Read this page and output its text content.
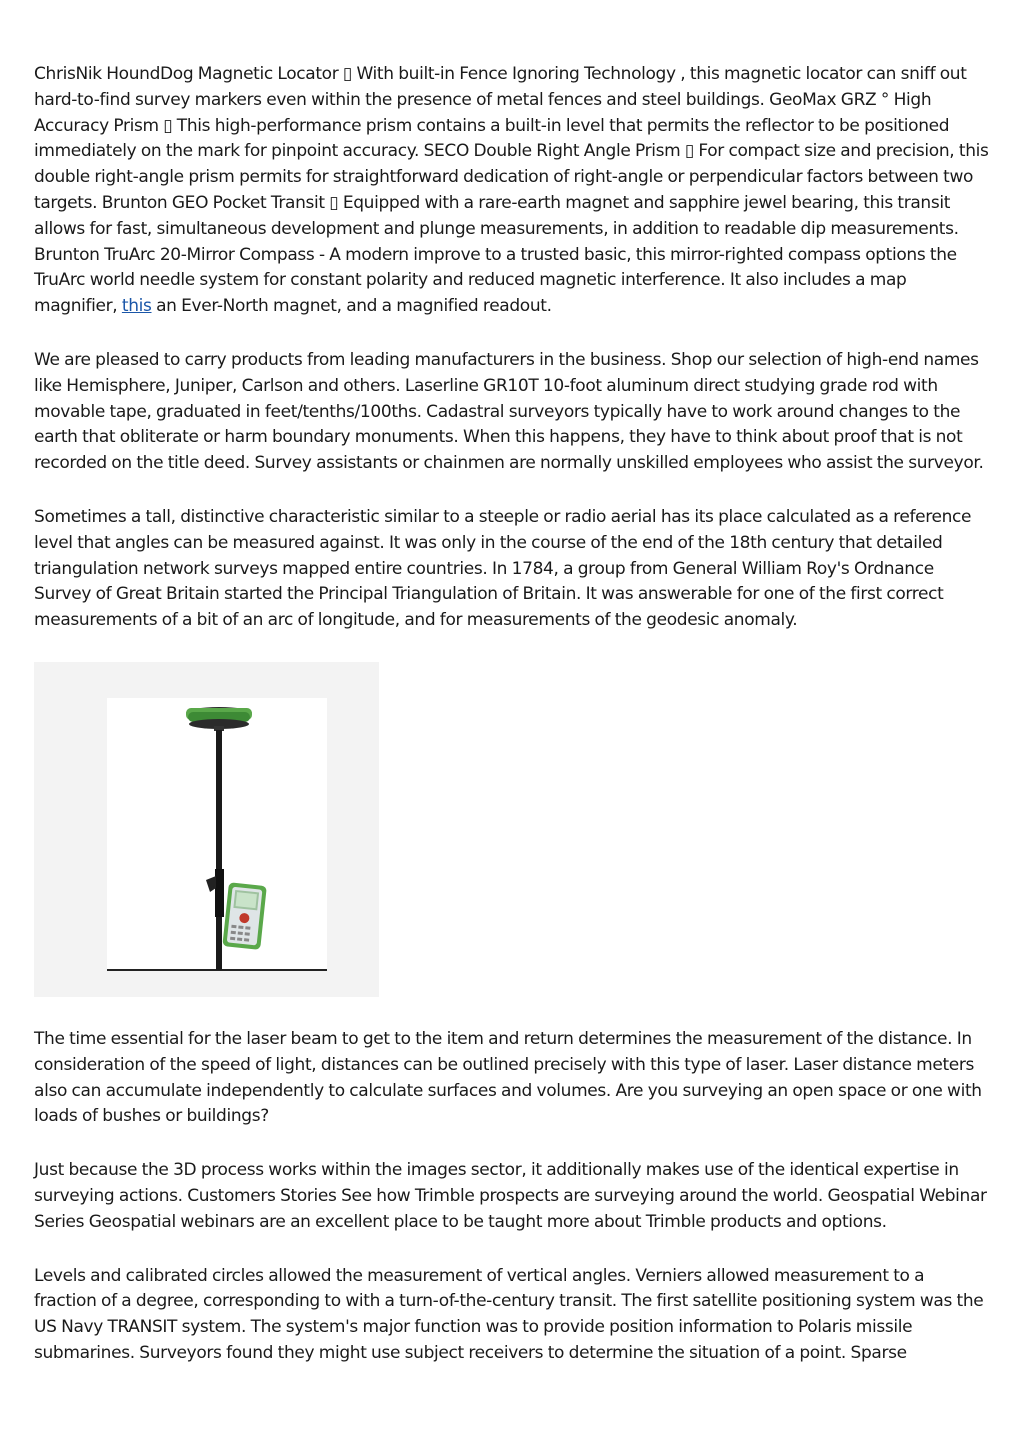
ChrisNik HoundDog Magnetic Locator ▯ With built-in Fence Ignoring Technology , this magnetic locator can sniff out hard-to-find survey markers even within the presence of metal fences and steel buildings. GeoMax GRZ ° High Accuracy Prism ▯ This high-performance prism contains a built-in level that permits the reflector to be positioned immediately on the mark for pinpoint accuracy. SECO Double Right Angle Prism ▯ For compact size and precision, this double right-angle prism permits for straightforward dedication of right-angle or perpendicular factors between two targets. Brunton GEO Pocket Transit ▯ Equipped with a rare-earth magnet and sapphire jewel bearing, this transit allows for fast, simultaneous development and plunge measurements, in addition to readable dip measurements. Brunton TruArc 20-Mirror Compass - A modern improve to a trusted basic, this mirror-righted compass options the TruArc world needle system for constant polarity and reduced magnetic interference. It also includes a map magnifier, this an Ever-North magnet, and a magnified readout.

We are pleased to carry products from leading manufacturers in the business. Shop our selection of high-end names like Hemisphere, Juniper, Carlson and others. Laserline GR10T 10-foot aluminum direct studying grade rod with movable tape, graduated in feet/tenths/100ths. Cadastral surveyors typically have to work around changes to the earth that obliterate or harm boundary monuments. When this happens, they have to think about proof that is not recorded on the title deed. Survey assistants or chainmen are normally unskilled employees who assist the surveyor.

Sometimes a tall, distinctive characteristic similar to a steeple or radio aerial has its place calculated as a reference level that angles can be measured against. It was only in the course of the end of the 18th century that detailed triangulation network surveys mapped entire countries. In 1784, a group from General William Roy's Ordnance Survey of Great Britain started the Principal Triangulation of Britain. It was answerable for one of the first correct measurements of a bit of an arc of longitude, and for measurements of the geodesic anomaly.

The time essential for the laser beam to get to the item and return determines the measurement of the distance. In consideration of the speed of light, distances can be outlined precisely with this type of laser. Laser distance meters also can accumulate independently to calculate surfaces and volumes. Are you surveying an open space or one with loads of bushes or buildings?

Just because the 3D process works within the images sector, it additionally makes use of the identical expertise in surveying actions. Customers Stories See how Trimble prospects are surveying around the world. Geospatial Webinar Series Geospatial webinars are an excellent place to be taught more about Trimble products and options.

Levels and calibrated circles allowed the measurement of vertical angles. Verniers allowed measurement to a fraction of a degree, corresponding to with a turn-of-the-century transit. The first satellite positioning system was the US Navy TRANSIT system. The system's major function was to provide position information to Polaris missile submarines. Surveyors found they might use subject receivers to determine the situation of a point. Sparse
